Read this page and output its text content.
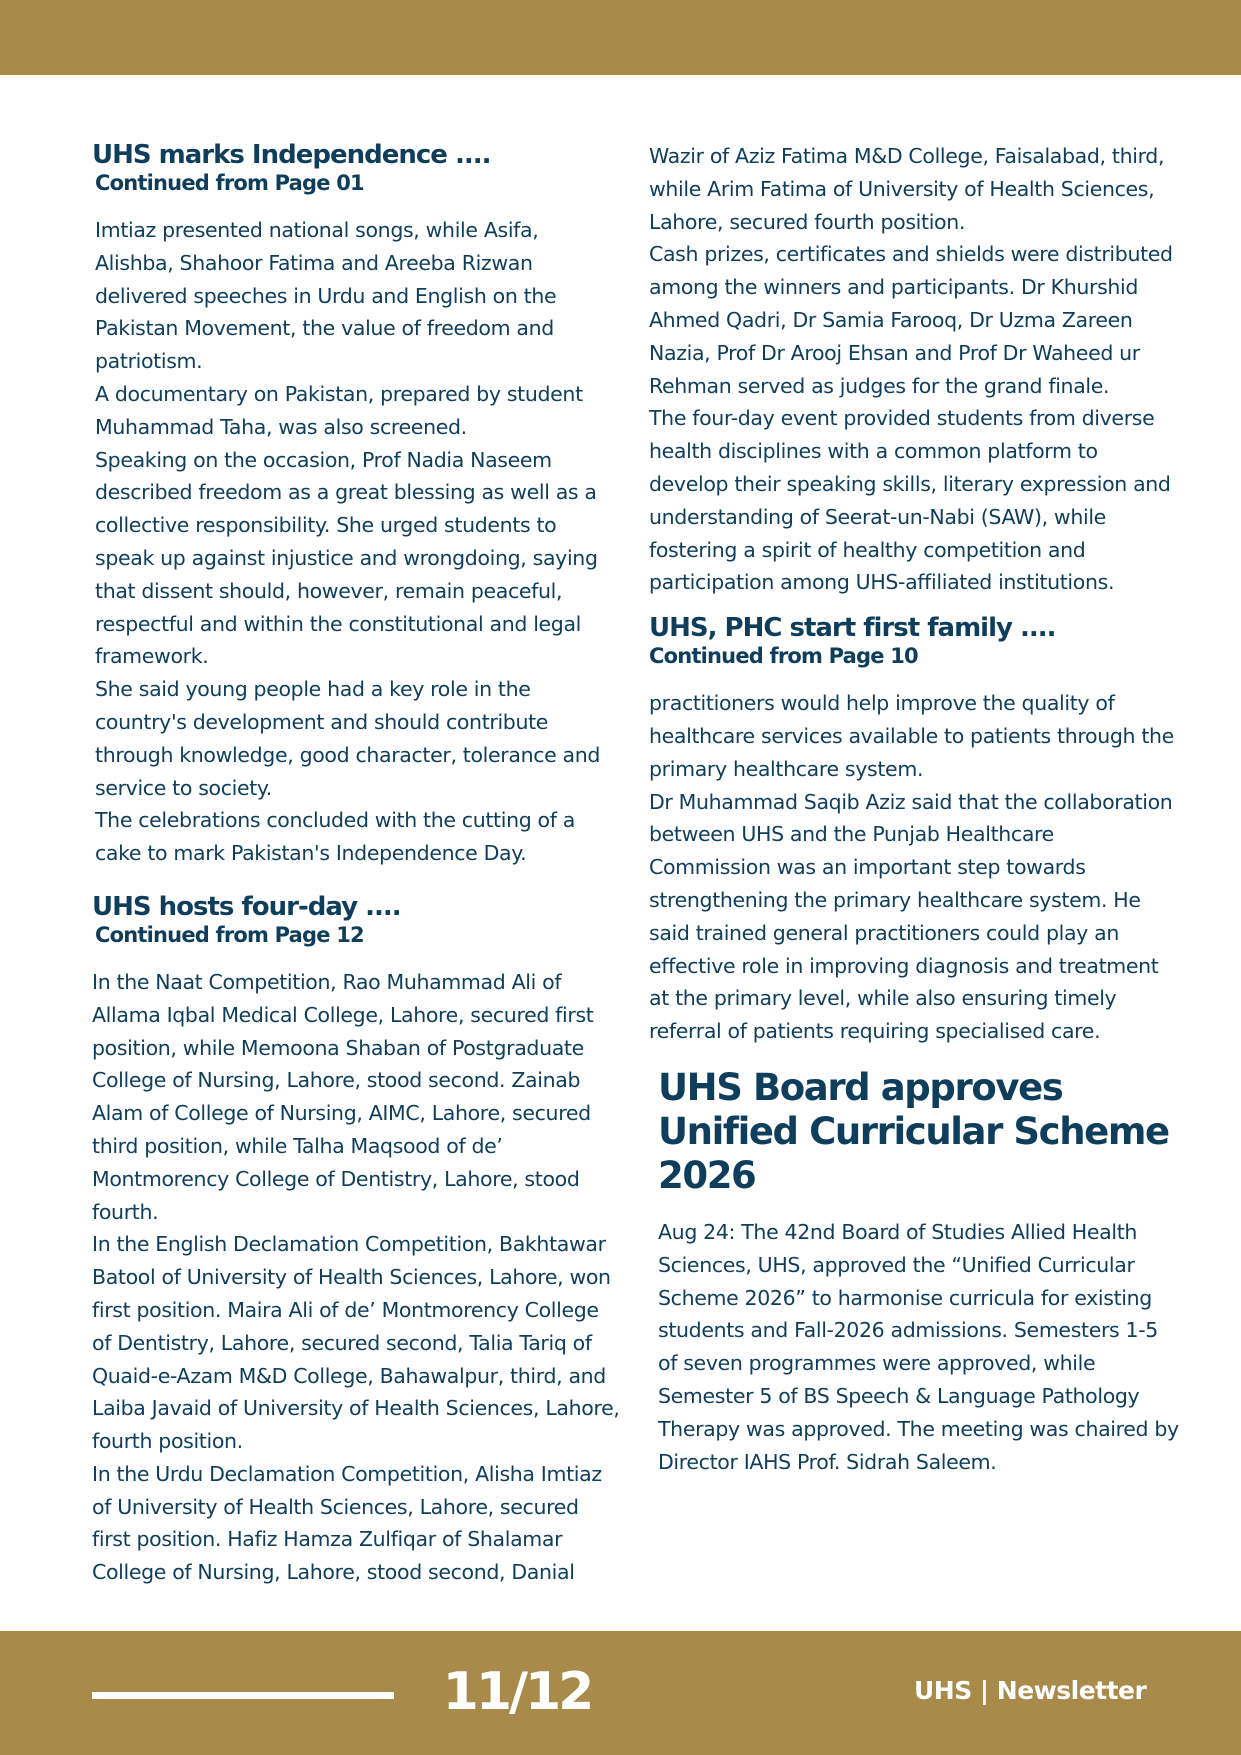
UHS marks Independence ....

Continued from Page 01

Imtiaz presented national songs, while Asifa, Alishba, Shahoor Fatima and Areeba Rizwan delivered speeches in Urdu and English on the Pakistan Movement, the value of freedom and patriotism.

A documentary on Pakistan, prepared by student Muhammad Taha, was also screened.

Speaking on the occasion, Prof Nadia Naseem described freedom as a great blessing as well as a collective responsibility. She urged students to speak up against injustice and wrongdoing, saying that dissent should, however, remain peaceful, respectful and within the constitutional and legal framework.

She said young people had a key role in the country's development and should contribute through knowledge, good character, tolerance and service to society.

The celebrations concluded with the cutting of a cake to mark Pakistan's Independence Day.

UHS hosts four-day ....

Continued from Page 12

In the Naat Competition, Rao Muhammad Ali of Allama Iqbal Medical College, Lahore, secured first position, while Memoona Shaban of Postgraduate College of Nursing, Lahore, stood second. Zainab Alam of College of Nursing, AIMC, Lahore, secured third position, while Talha Maqsood of de’ Montmorency College of Dentistry, Lahore, stood fourth.

In the English Declamation Competition, Bakhtawar Batool of University of Health Sciences, Lahore, won first position. Maira Ali of de’ Montmorency College of Dentistry, Lahore, secured second, Talia Tariq of Quaid-e-Azam M&D College, Bahawalpur, third, and Laiba Javaid of University of Health Sciences, Lahore, fourth position.

In the Urdu Declamation Competition, Alisha Imtiaz of University of Health Sciences, Lahore, secured first position. Hafiz Hamza Zulfiqar of Shalamar College of Nursing, Lahore, stood second, Danial

Wazir of Aziz Fatima M&D College, Faisalabad, third, while Arim Fatima of University of Health Sciences, Lahore, secured fourth position.

Cash prizes, certificates and shields were distributed among the winners and participants. Dr Khurshid Ahmed Qadri, Dr Samia Farooq, Dr Uzma Zareen Nazia, Prof Dr Arooj Ehsan and Prof Dr Waheed ur Rehman served as judges for the grand finale.

The four-day event provided students from diverse health disciplines with a common platform to develop their speaking skills, literary expression and understanding of Seerat-un-Nabi (SAW), while fostering a spirit of healthy competition and participation among UHS-affiliated institutions.

UHS, PHC start first family ....

Continued from Page 10

practitioners would help improve the quality of healthcare services available to patients through the primary healthcare system.

Dr Muhammad Saqib Aziz said that the collaboration between UHS and the Punjab Healthcare Commission was an important step towards strengthening the primary healthcare system. He said trained general practitioners could play an effective role in improving diagnosis and treatment at the primary level, while also ensuring timely referral of patients requiring specialised care.

UHS Board approves Unified Curricular Scheme 2026

Aug 24: The 42nd Board of Studies Allied Health Sciences, UHS, approved the “Unified Curricular Scheme 2026” to harmonise curricula for existing students and Fall-2026 admissions. Semesters 1-5 of seven programmes were approved, while Semester 5 of BS Speech & Language Pathology Therapy was approved. The meeting was chaired by Director IAHS Prof. Sidrah Saleem.

11/12	UHS | Newsletter
